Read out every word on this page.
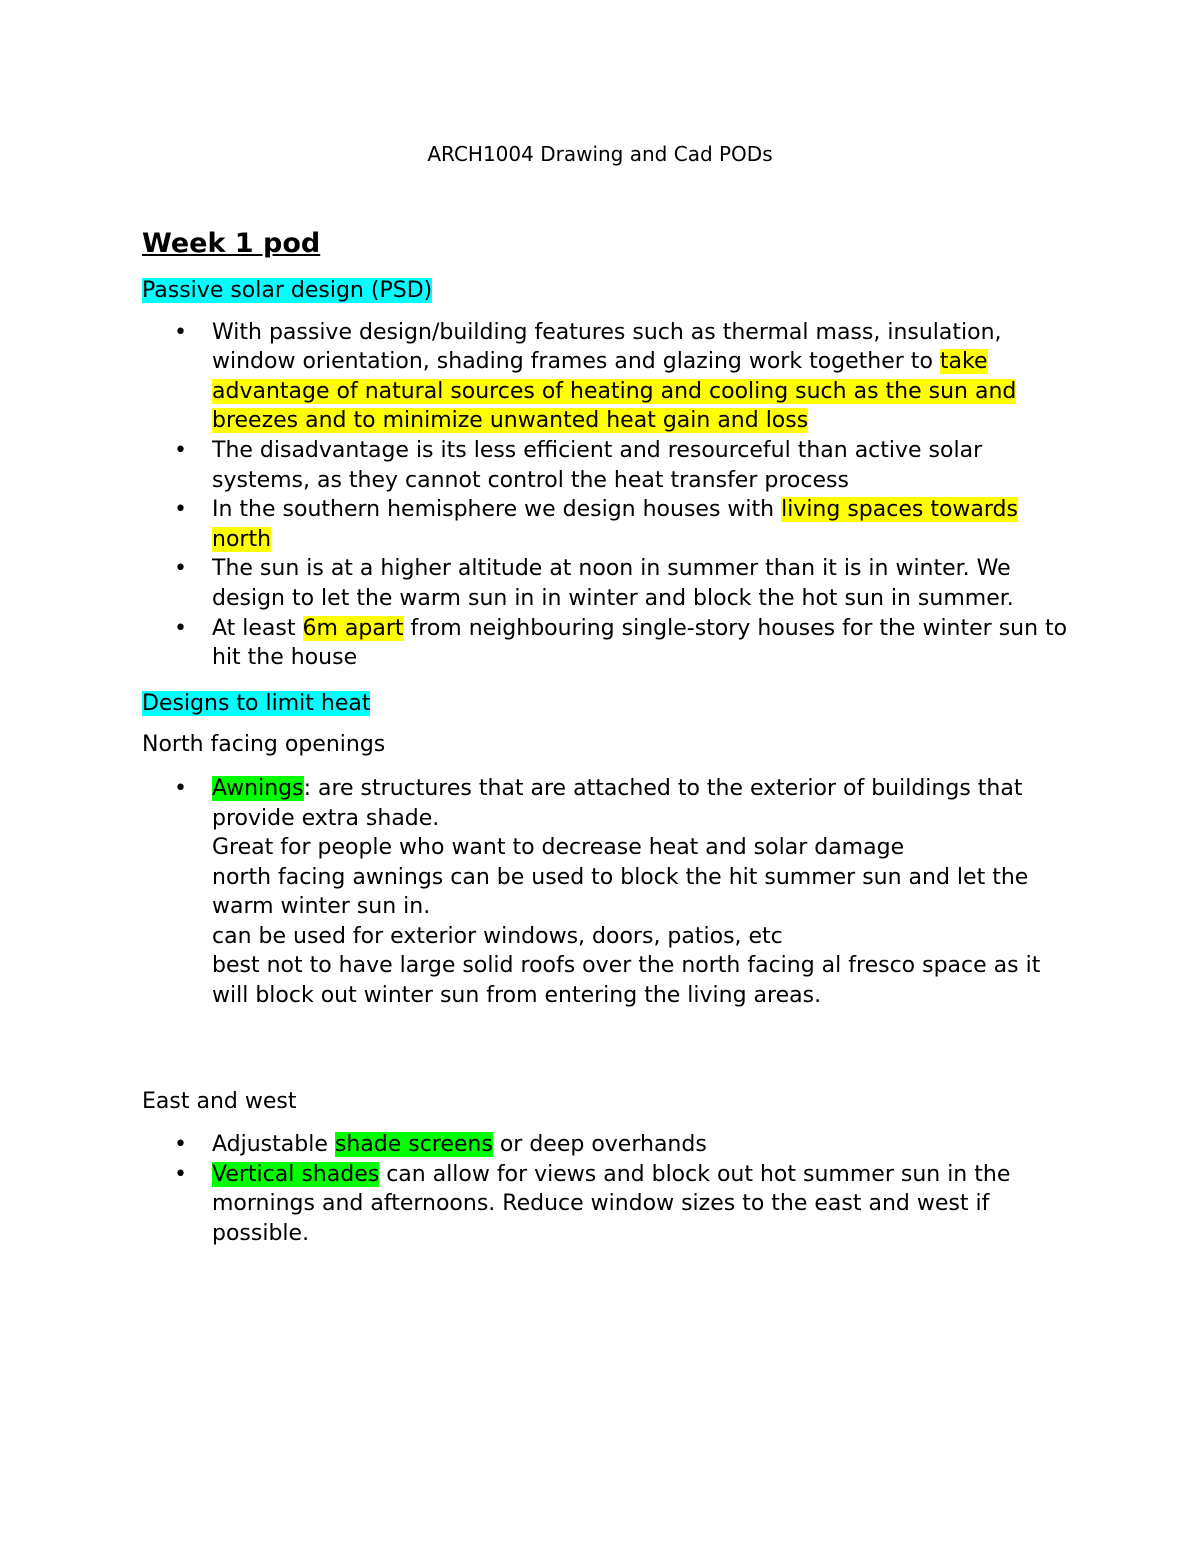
ARCH1004 Drawing and Cad PODs
Week 1 pod

Passive solar design (PSD)

• With passive design/building features such as thermal mass, insulation, window orientation, shading frames and glazing work together to take advantage of natural sources of heating and cooling such as the sun and breezes and to minimize unwanted heat gain and loss
• The disadvantage is its less efficient and resourceful than active solar systems, as they cannot control the heat transfer process
• In the southern hemisphere we design houses with living spaces towards north
• The sun is at a higher altitude at noon in summer than it is in winter. We design to let the warm sun in in winter and block the hot sun in summer.
• At least 6m apart from neighbouring single-story houses for the winter sun to hit the house

Designs to limit heat

North facing openings

• Awnings: are structures that are attached to the exterior of buildings that provide extra shade.
Great for people who want to decrease heat and solar damage
north facing awnings can be used to block the hit summer sun and let the warm winter sun in.
can be used for exterior windows, doors, patios, etc
best not to have large solid roofs over the north facing al fresco space as it will block out winter sun from entering the living areas.

East and west

• Adjustable shade screens or deep overhands
• Vertical shades can allow for views and block out hot summer sun in the mornings and afternoons. Reduce window sizes to the east and west if possible.
